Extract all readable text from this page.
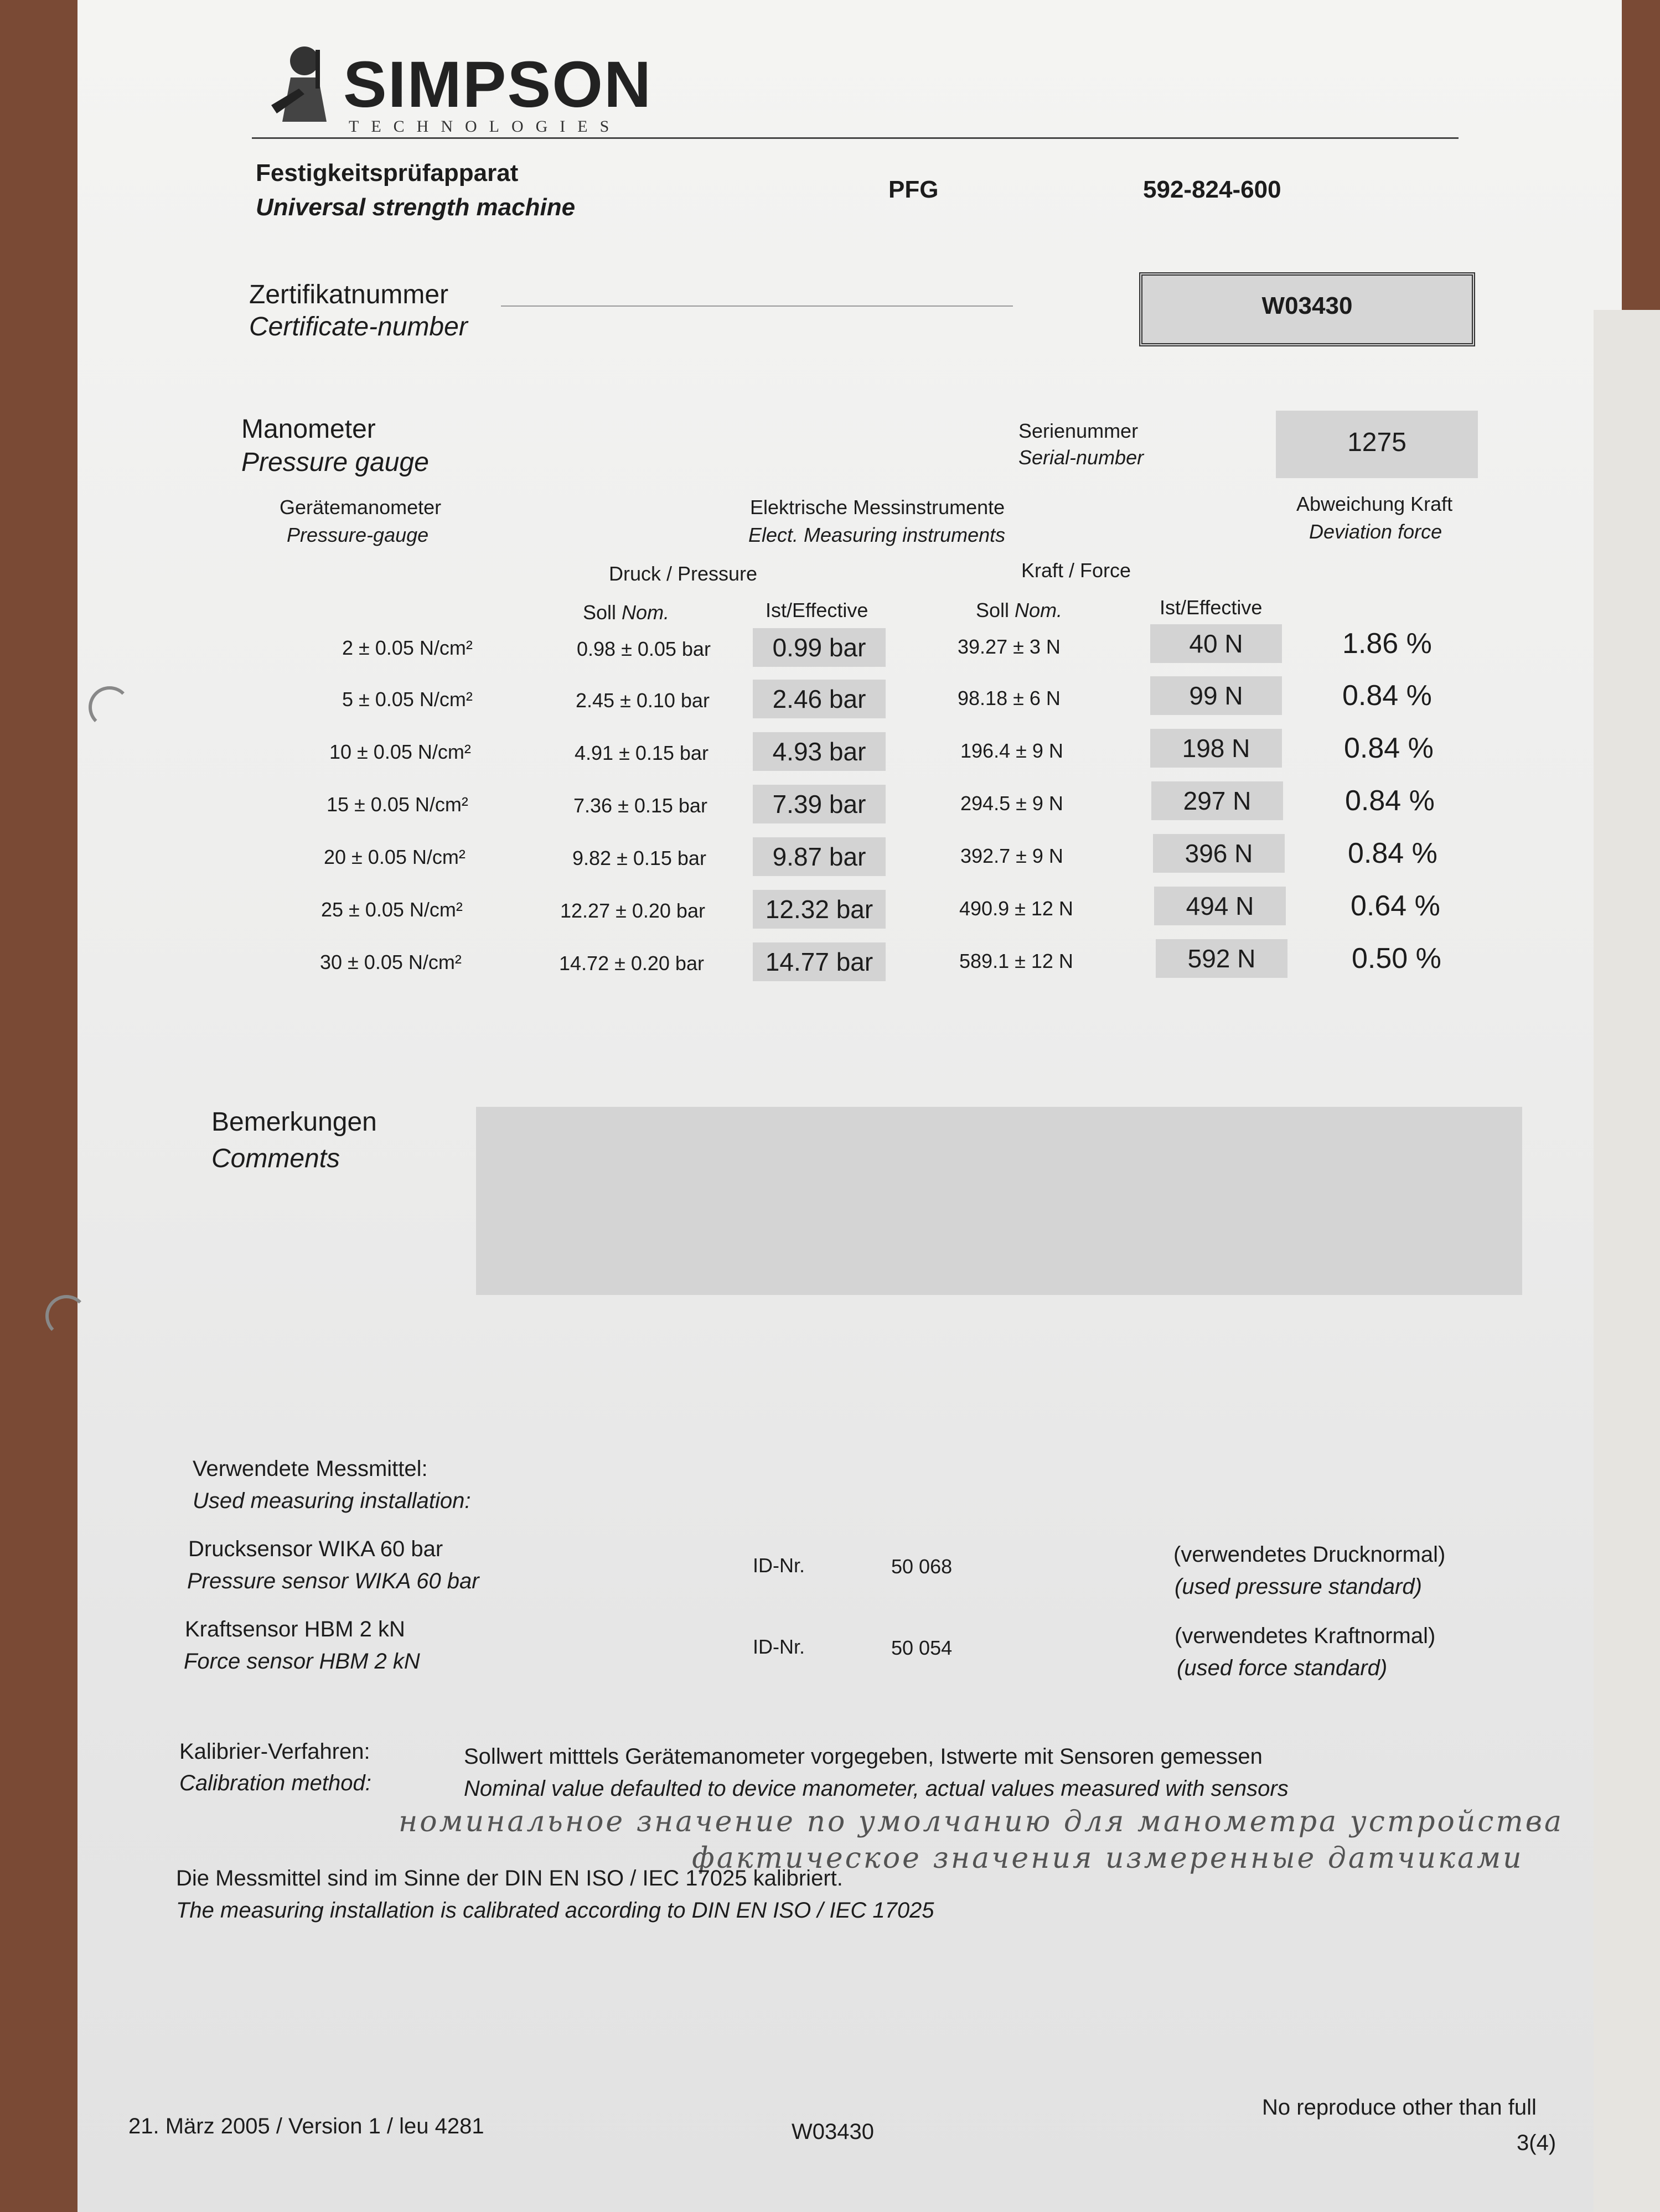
SIMPSON
TECHNOLOGIES
Festigkeitsprüfapparat
Universal strength machine
PFG	592-824-600
Zertifikatnummer
Certificate-number
W03430
Manometer
Pressure gauge
Serienummer
Serial-number
1275
Gerätemanometer
Pressure-gauge
Elektrische Messinstrumente
Elect. Measuring instruments
Abweichung Kraft
Deviation force
Druck / Pressure	Kraft / Force
Soll Nom.	Ist/Effective	Soll Nom.	Ist/Effective
2 ± 0.05 N/cm²	0.98 ± 0.05 bar	0.99 bar	39.27 ± 3 N	40 N	1.86 %
5 ± 0.05 N/cm²	2.45 ± 0.10 bar	2.46 bar	98.18 ± 6 N	99 N	0.84 %
10 ± 0.05 N/cm²	4.91 ± 0.15 bar	4.93 bar	196.4 ± 9 N	198 N	0.84 %
15 ± 0.05 N/cm²	7.36 ± 0.15 bar	7.39 bar	294.5 ± 9 N	297 N	0.84 %
20 ± 0.05 N/cm²	9.82 ± 0.15 bar	9.87 bar	392.7 ± 9 N	396 N	0.84 %
25 ± 0.05 N/cm²	12.27 ± 0.20 bar	12.32 bar	490.9 ± 12 N	494 N	0.64 %
30 ± 0.05 N/cm²	14.72 ± 0.20 bar	14.77 bar	589.1 ± 12 N	592 N	0.50 %
Bemerkungen
Comments
Verwendete Messmittel:
Used measuring installation:
Drucksensor WIKA 60 bar
Pressure sensor WIKA 60 bar
ID-Nr.	50 068	(verwendetes Drucknormal)
(used pressure standard)
Kraftsensor HBM 2 kN
Force sensor HBM 2 kN
ID-Nr.	50 054	(verwendetes Kraftnormal)
(used force standard)
Kalibrier-Verfahren:
Calibration method:
Sollwert mitttels Gerätemanometer vorgegeben, Istwerte mit Sensoren gemessen
Nominal value defaulted to device manometer, actual values measured with sensors
номинальное значение по умолчанию для манометра устройства
фактическое значения измеренные датчиками
Die Messmittel sind im Sinne der DIN EN ISO / IEC 17025 kalibriert.
The measuring installation is calibrated according to DIN EN ISO / IEC 17025
21. März 2005 / Version 1 / leu 4281	W03430
No reproduce other than full
3(4)
